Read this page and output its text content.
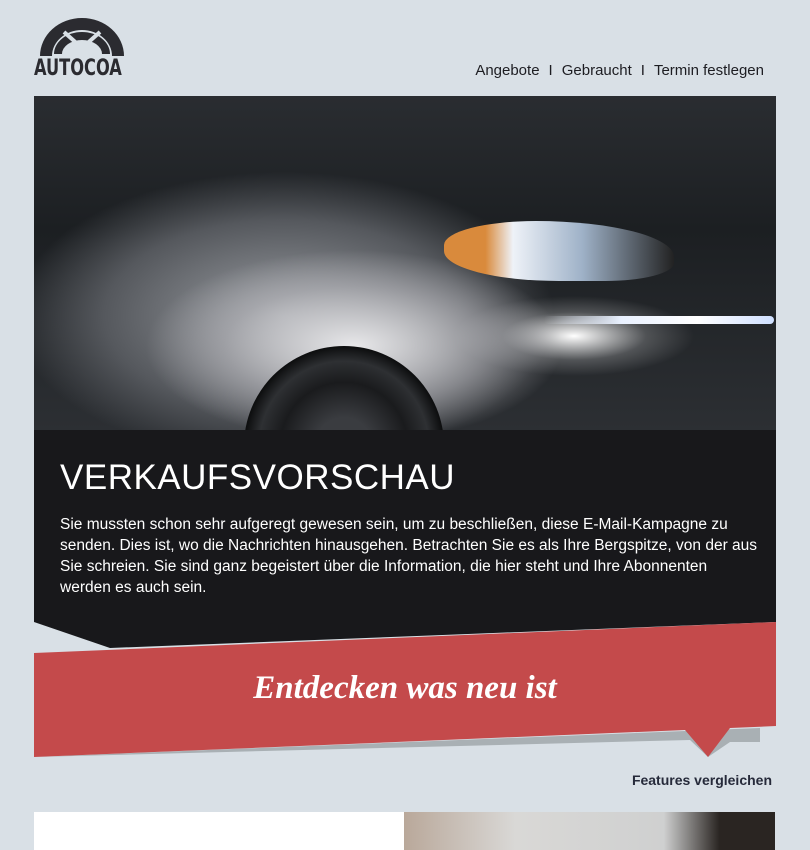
AUTOCOA	Angebote I Gebraucht I Termin festlegen
VERKAUFSVORSCHAU

Sie mussten schon sehr aufgeregt gewesen sein, um zu beschließen, diese E-Mail-Kampagne zu senden. Dies ist, wo die Nachrichten hinausgehen. Betrachten Sie es als Ihre Bergspitze, von der aus Sie schreien. Sie sind ganz begeistert über die Information, die hier steht und Ihre Abonnenten werden es auch sein.

Entdecken was neu ist
Features vergleichen
